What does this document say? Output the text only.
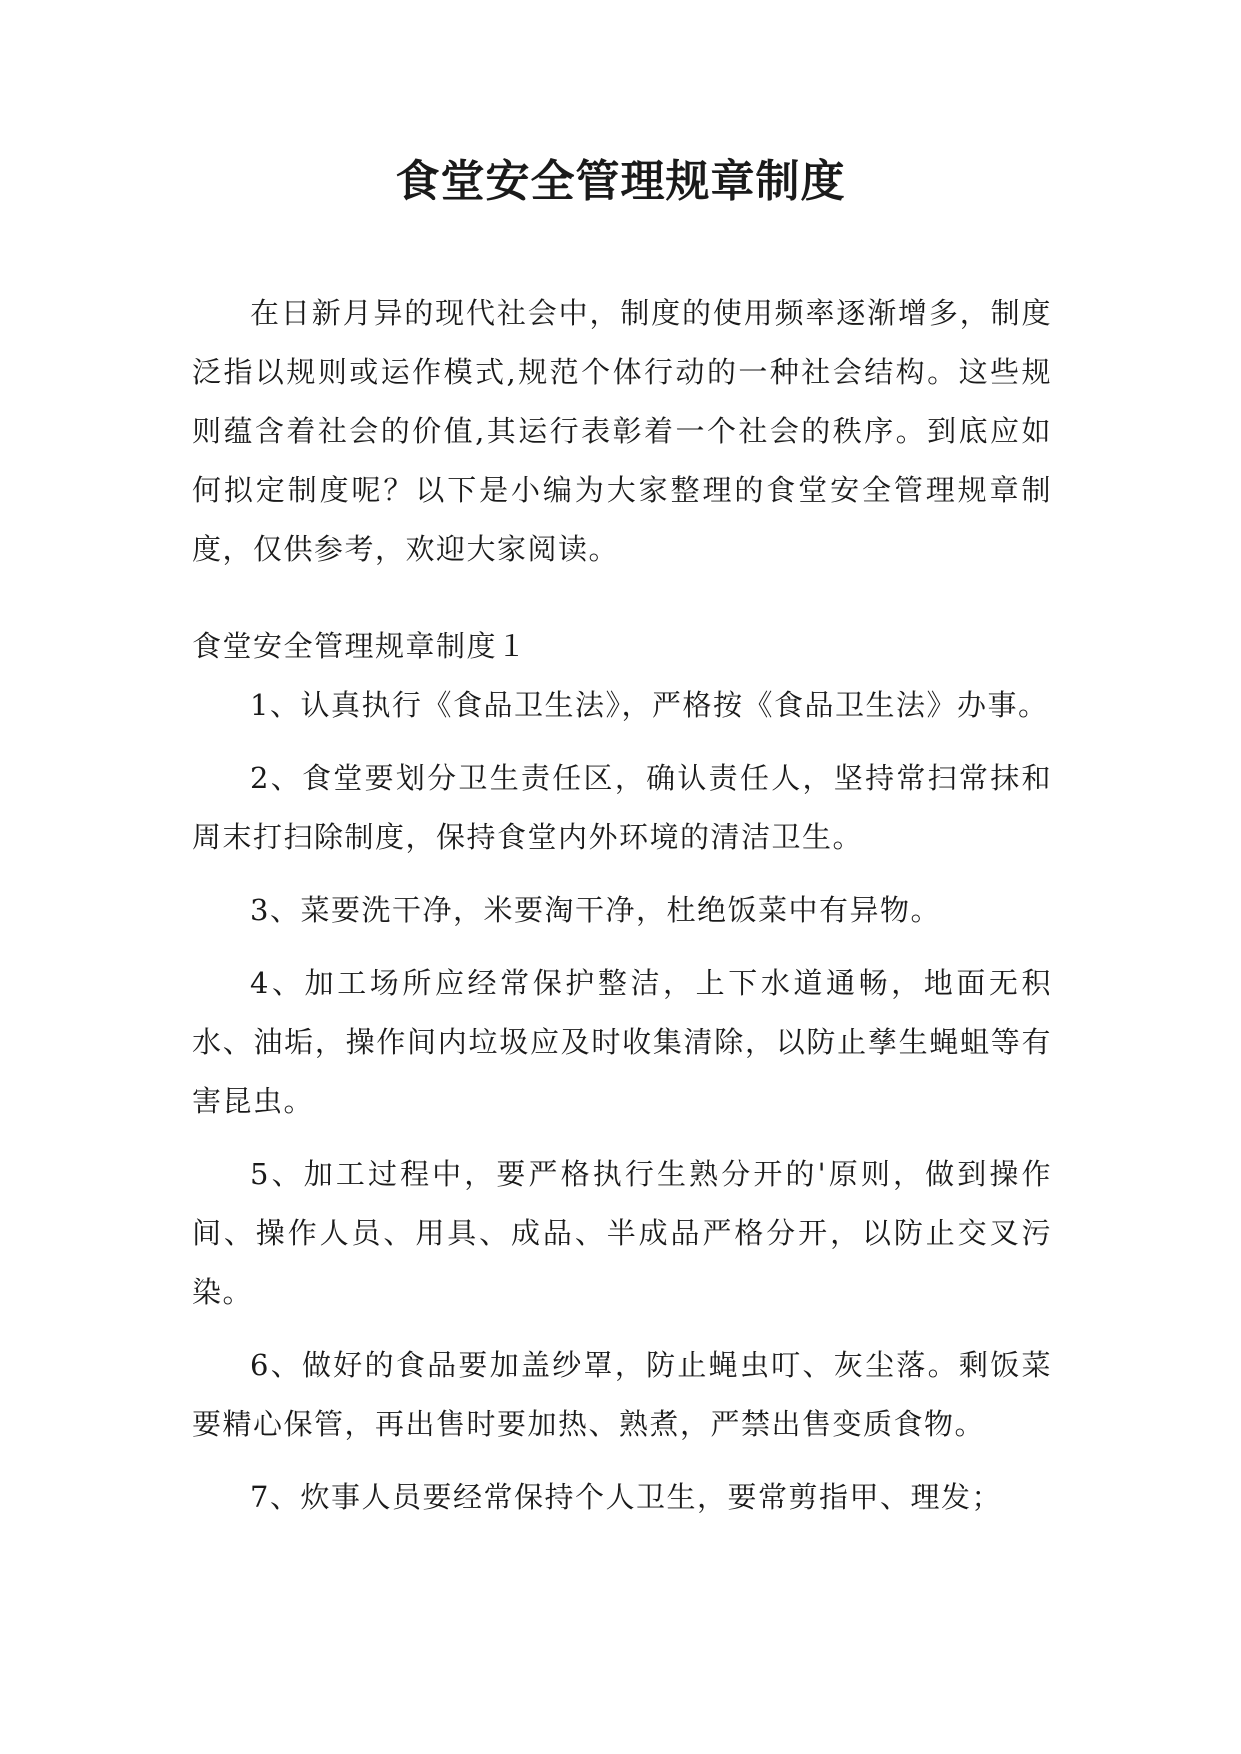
食堂安全管理规章制度

在日新月异的现代社会中，制度的使用频率逐渐增多，制度泛指以规则或运作模式,规范个体行动的一种社会结构。这些规则蕴含着社会的价值,其运行表彰着一个社会的秩序。到底应如何拟定制度呢？以下是小编为大家整理的食堂安全管理规章制度，仅供参考，欢迎大家阅读。

食堂安全管理规章制度１

1、认真执行《食品卫生法》，严格按《食品卫生法》办事。

2、食堂要划分卫生责任区，确认责任人，坚持常扫常抹和周末打扫除制度，保持食堂内外环境的清洁卫生。

3、菜要洗干净，米要淘干净，杜绝饭菜中有异物。

4、加工场所应经常保护整洁，上下水道通畅，地面无积水、油垢，操作间内垃圾应及时收集清除，以防止孳生蝇蛆等有害昆虫。

5、加工过程中，要严格执行生熟分开的'原则，做到操作间、操作人员、用具、成品、半成品严格分开，以防止交叉污染。

6、做好的食品要加盖纱罩，防止蝇虫叮、灰尘落。剩饭菜要精心保管，再出售时要加热、熟煮，严禁出售变质食物。

7、炊事人员要经常保持个人卫生，要常剪指甲、理发；
